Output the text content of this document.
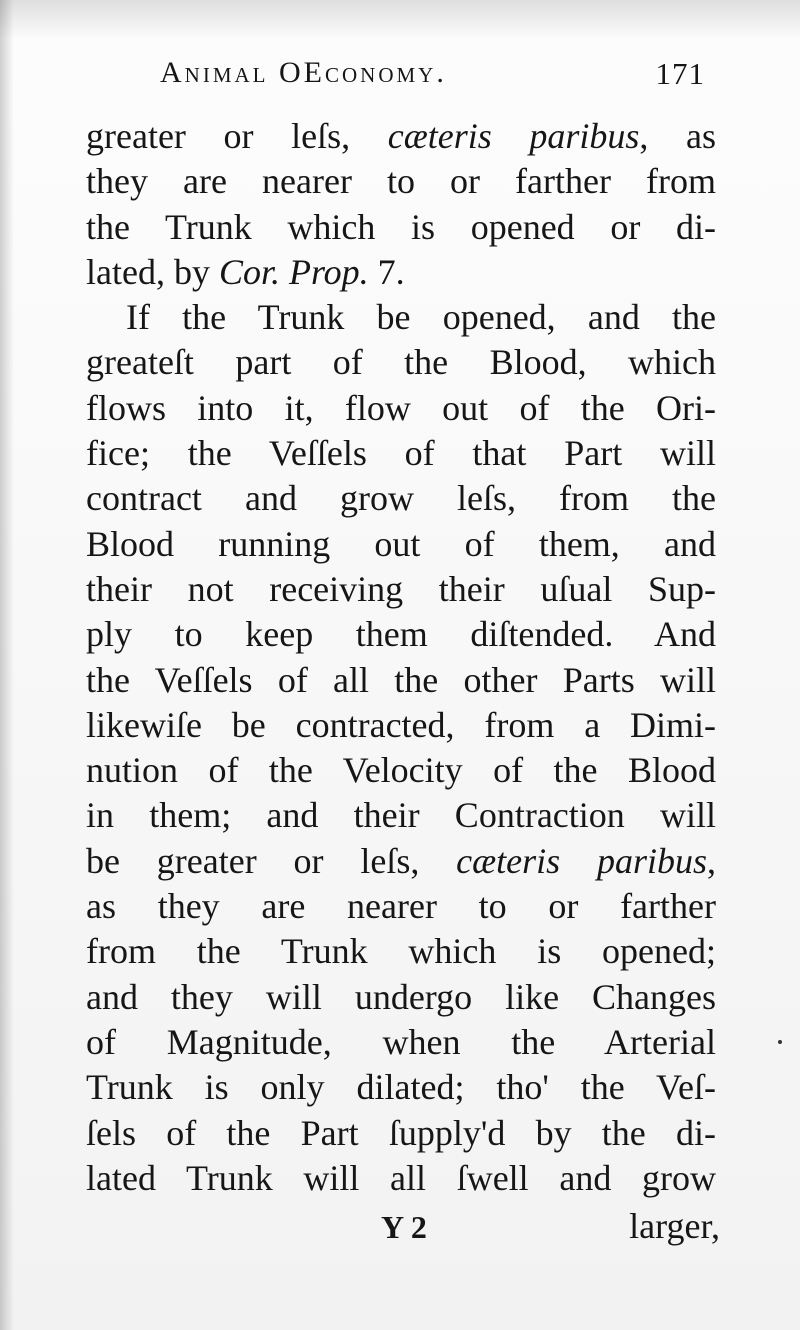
Animal OEconomy.	171
greater or leſs, cæteris paribus, as
they are nearer to or farther from
the Trunk which is opened or di-
lated, by Cor. Prop. 7.
If the Trunk be opened, and the
greateſt part of the Blood, which
flows into it, flow out of the Ori-
fice; the Veſſels of that Part will
contract and grow leſs, from the
Blood running out of them, and
their not receiving their uſual Sup-
ply to keep them diſtended. And
the Veſſels of all the other Parts will
likewiſe be contracted, from a Dimi-
nution of the Velocity of the Blood
in them; and their Contraction will
be greater or leſs, cæteris paribus,
as they are nearer to or farther
from the Trunk which is opened;
and they will undergo like Changes
of Magnitude, when the Arterial
Trunk is only dilated; tho' the Veſ-
ſels of the Part ſupply'd by the di-
lated Trunk will all ſwell and grow
Y 2	larger,
